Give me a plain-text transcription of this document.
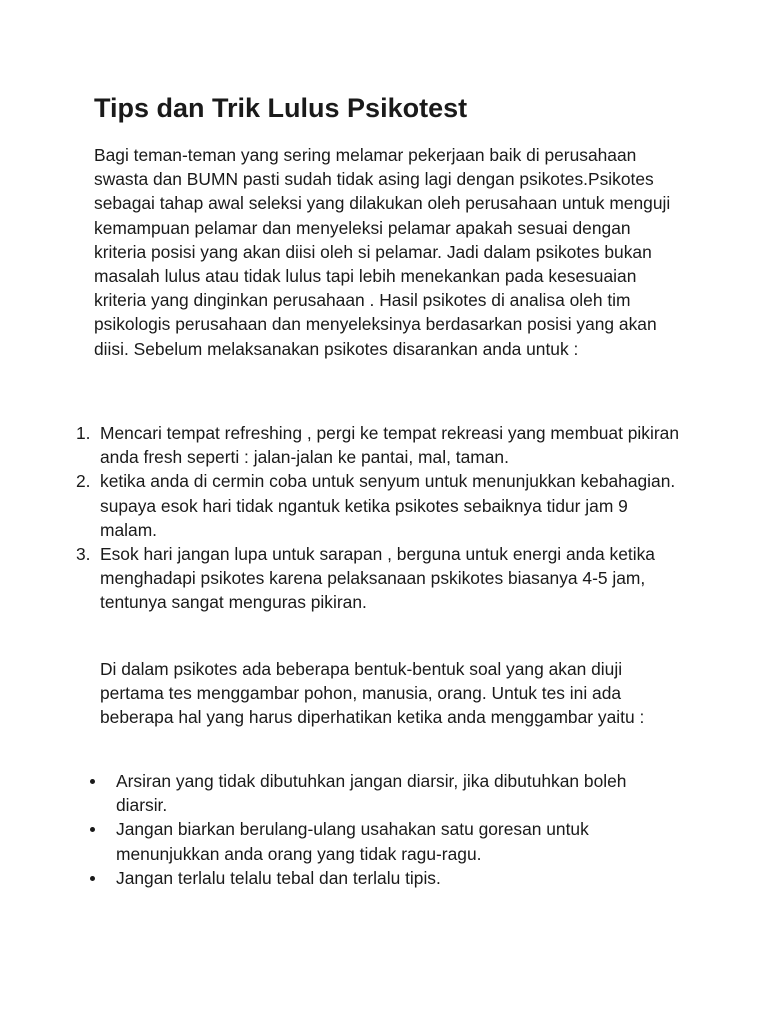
Tips dan Trik Lulus Psikotest

Bagi teman-teman yang sering melamar pekerjaan baik di perusahaan swasta dan BUMN pasti sudah tidak asing lagi dengan psikotes.Psikotes sebagai tahap awal seleksi yang dilakukan oleh perusahaan untuk menguji kemampuan pelamar dan menyeleksi pelamar apakah sesuai dengan kriteria posisi yang akan diisi oleh si pelamar. Jadi dalam psikotes bukan masalah lulus atau tidak lulus tapi lebih menekankan pada kesesuaian kriteria yang dinginkan perusahaan . Hasil psikotes di analisa oleh tim psikologis perusahaan dan menyeleksinya berdasarkan posisi yang akan diisi. Sebelum melaksanakan psikotes disarankan anda untuk :

1. Mencari tempat refreshing , pergi ke tempat rekreasi yang membuat pikiran anda fresh seperti : jalan-jalan ke pantai, mal, taman.
2. ketika anda di cermin coba untuk senyum untuk menunjukkan kebahagian. supaya esok hari tidak ngantuk ketika psikotes sebaiknya tidur jam 9 malam.
3. Esok hari jangan lupa untuk sarapan , berguna untuk energi anda ketika menghadapi psikotes karena pelaksanaan pskikotes biasanya 4-5 jam, tentunya sangat menguras pikiran.

Di dalam psikotes ada beberapa bentuk-bentuk soal yang akan diuji pertama tes menggambar pohon, manusia, orang. Untuk tes ini ada beberapa hal yang harus diperhatikan ketika anda menggambar yaitu :

Arsiran yang tidak dibutuhkan jangan diarsir, jika dibutuhkan boleh diarsir.
Jangan biarkan berulang-ulang usahakan satu goresan untuk menunjukkan anda orang yang tidak ragu-ragu.
Jangan terlalu telalu tebal dan terlalu tipis.
